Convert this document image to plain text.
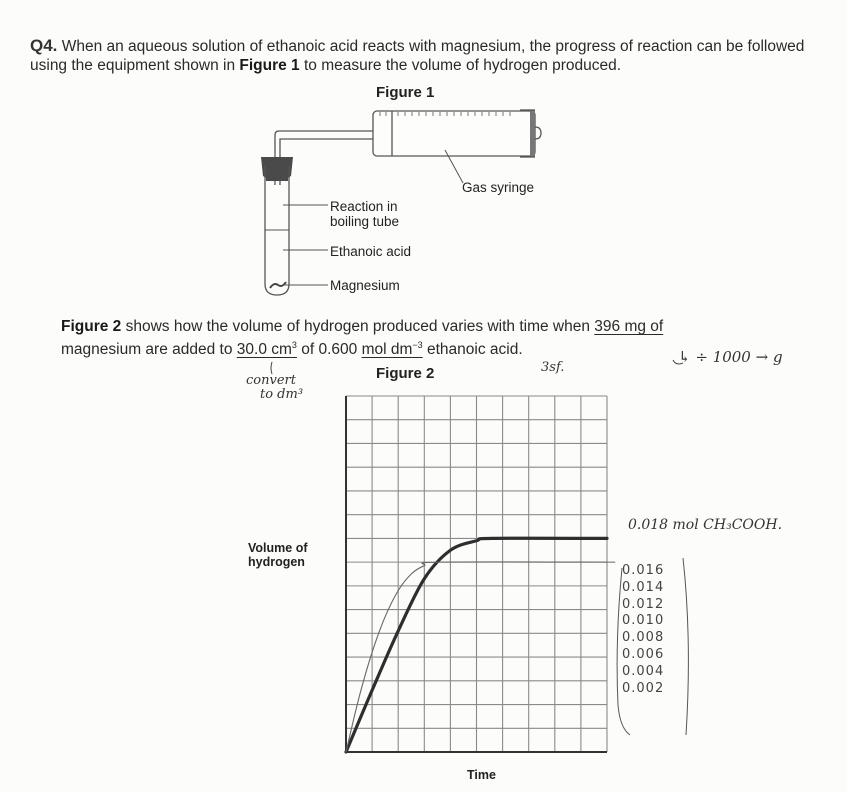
Q4. When an aqueous solution of ethanoic acid reacts with magnesium, the progress of reaction can be followed using the equipment shown in Figure 1 to measure the volume of hydrogen produced.
Figure 1
Gas syringe
Reaction in
boiling tube
Ethanoic acid
Magnesium
Figure 2 shows how the volume of hydrogen produced varies with time when 396 mg of
magnesium are added to 30.0 $cm^3$ of 0.600 mol $dm^{-3}$ ethanoic acid.
convert
to dm³
3sf.
↳ ÷ 1000 → g
0.018 mol CH₃COOH.
0.016
0.014
0.012
0.010
0.008
0.006
0.004
0.002
Figure 2
Volume of
hydrogen
Time
